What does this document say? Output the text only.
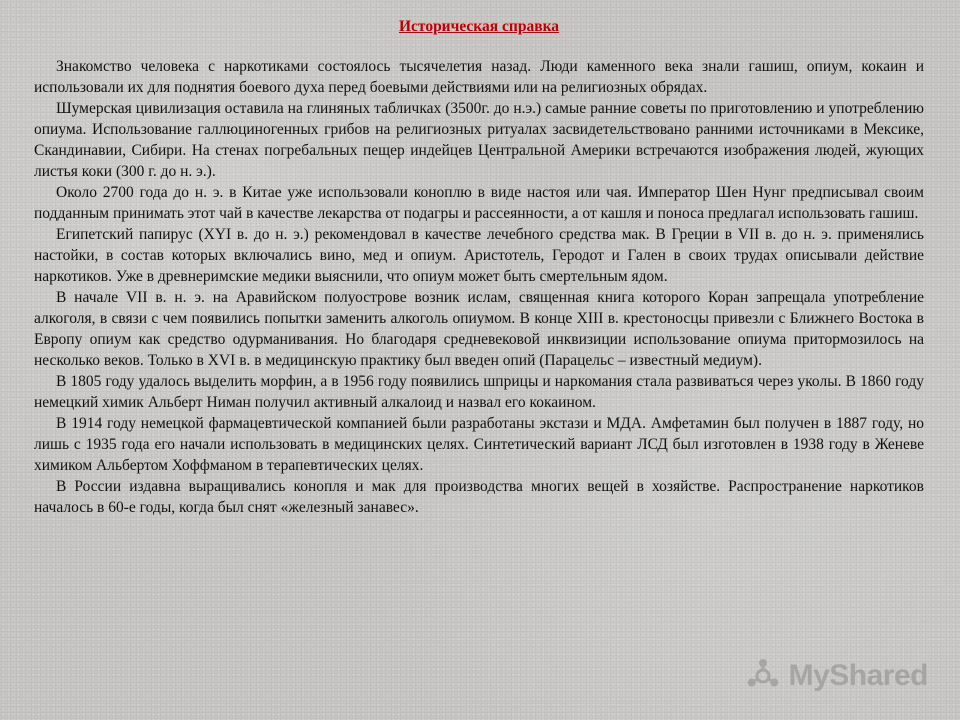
Историческая справка

Знакомство человека с наркотиками состоялось тысячелетия назад. Люди каменного века знали гашиш, опиум, кокаин и использовали их для поднятия боевого духа перед боевыми действиями или на религиозных обрядах.

Шумерская цивилизация оставила на глиняных табличках (3500г. до н.э.) самые ранние советы по приготовлению и употреблению опиума. Использование галлюциногенных грибов на религиозных ритуалах засвидетельствовано ранними источниками в Мексике, Скандинавии, Сибири. На стенах погребальных пещер индейцев Центральной Америки встречаются изображения людей, жующих листья коки (300 г. до н. э.).

Около 2700 года до н. э. в Китае уже использовали коноплю в виде настоя или чая. Император Шен Нунг предписывал своим подданным принимать этот чай в качестве лекарства от подагры и рассеянности, а от кашля и поноса предлагал использовать гашиш.

Египетский папирус (XYI в. до н. э.) рекомендовал в качестве лечебного средства мак. В Греции в VII в. до н. э. применялись настойки, в состав которых включались вино, мед и опиум. Аристотель, Геродот и Гален в своих трудах описывали действие наркотиков. Уже в древнеримские медики выяснили, что опиум может быть смертельным ядом.

В начале VII в. н. э. на Аравийском полуострове возник ислам, священная книга которого Коран запрещала употребление алкоголя, в связи с чем появились попытки заменить алкоголь опиумом. В конце XIII в. крестоносцы привезли с Ближнего Востока в Европу опиум как средство одурманивания. Но благодаря средневековой инквизиции использование опиума притормозилось на несколько веков. Только в XVI в. в медицинскую практику был введен опий (Парацельс – известный медиум).

В 1805 году удалось выделить морфин, а в 1956 году появились шприцы и наркомания стала развиваться через уколы. В 1860 году немецкий химик Альберт Ниман получил активный алкалоид и назвал его кокаином.

В 1914 году немецкой фармацевтической компанией были разработаны экстази и МДА. Амфетамин был получен в 1887 году, но лишь с 1935 года его начали использовать в медицинских целях. Синтетический вариант ЛСД был изготовлен в 1938 году в Женеве химиком Альбертом Хоффманом в терапевтических целях.

В России издавна выращивались конопля и мак для производства многих вещей в хозяйстве. Распространение наркотиков началось в 60-е годы, когда был снят «железный занавес».

MyShared
